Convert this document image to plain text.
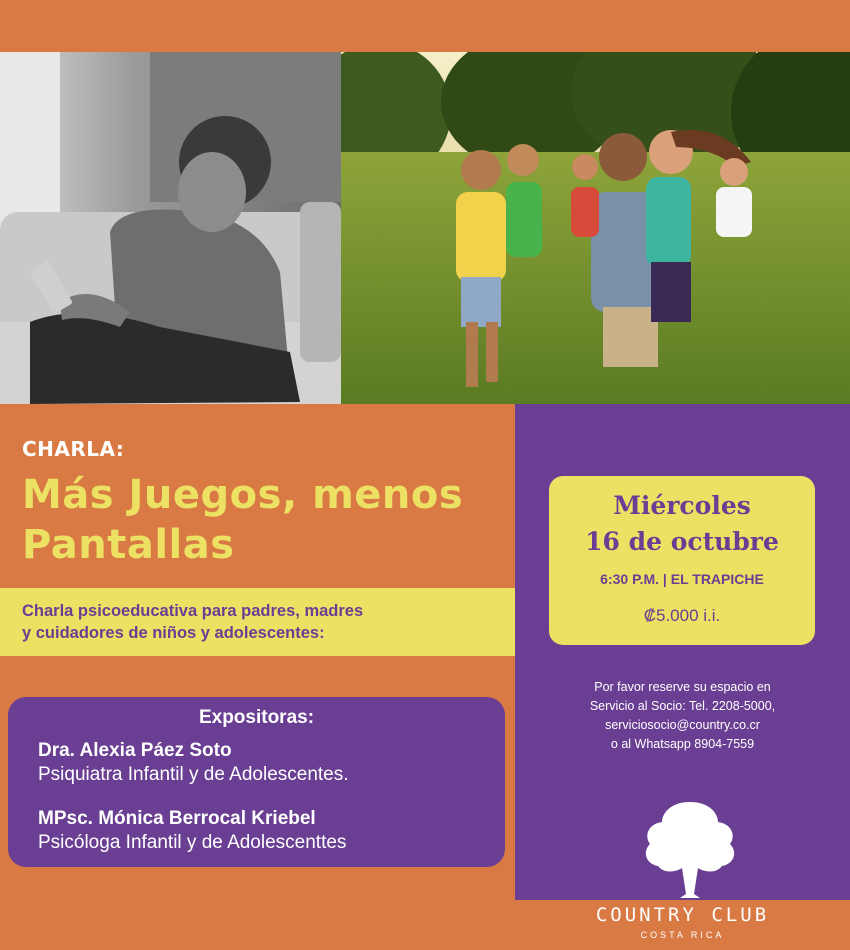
CHARLA:
Más Juegos, menos
Pantallas
Charla psicoeducativa para padres, madres
y cuidadores de niños y adolescentes:
Expositoras:
Dra. Alexia Páez Soto
Psiquiatra Infantil y de Adolescentes.
MPsc. Mónica Berrocal Kriebel
Psicóloga Infantil y de Adolescenttes
Miércoles
16 de octubre
6:30 P.M. | EL TRAPICHE
₡5.000 i.i.
Por favor reserve su espacio en
Servicio al Socio: Tel. 2208-5000,
serviciosocio@country.co.cr
o al Whatsapp 8904-7559
COUNTRY CLUB
COSTA RICA
